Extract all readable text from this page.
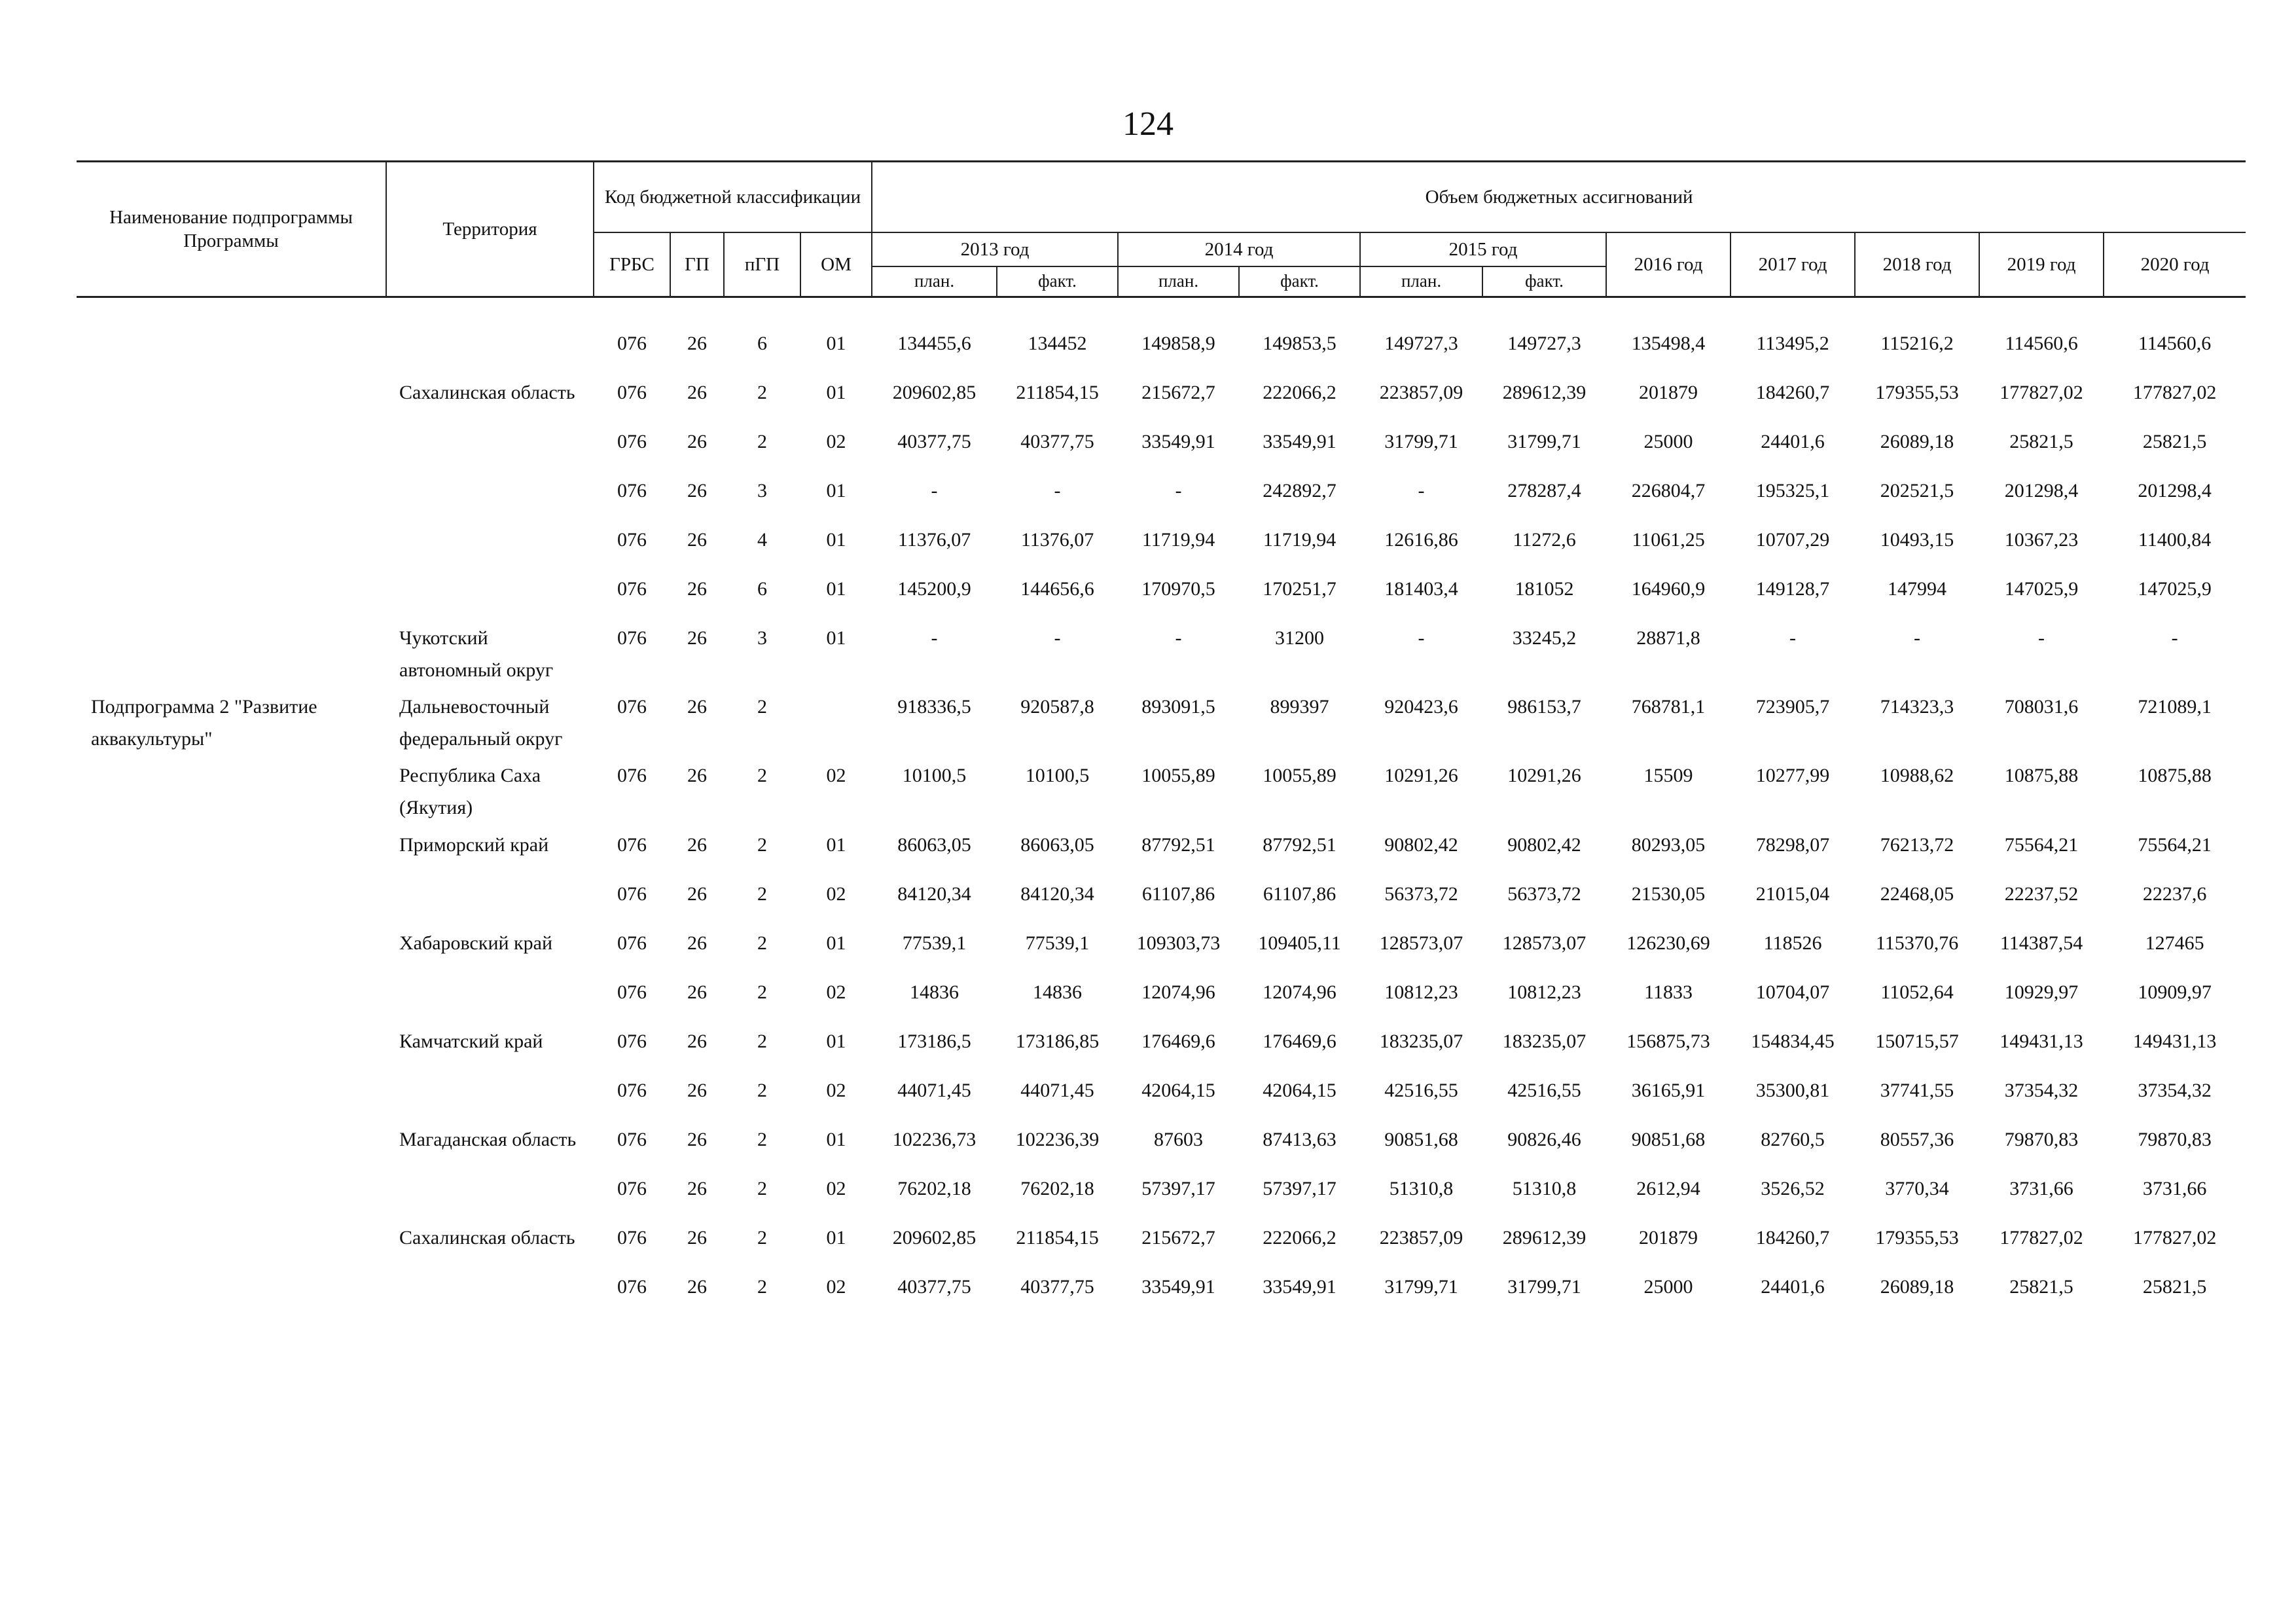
124
Наименование подпрограммы Программы	Территория	Код бюджетной классификации				Объем бюджетных ассигнований										
		ГРБС	ГП	пГП	ОМ	2013 год		2014 год		2015 год		2016 год	2017 год	2018 год	2019 год	2020 год
						план.	факт.	план.	факт.	план.	факт.					

		076	26	6	01	134455,6	134452	149858,9	149853,5	149727,3	149727,3	135498,4	113495,2	115216,2	114560,6	114560,6
	Сахалинская область	076	26	2	01	209602,85	211854,15	215672,7	222066,2	223857,09	289612,39	201879	184260,7	179355,53	177827,02	177827,02
		076	26	2	02	40377,75	40377,75	33549,91	33549,91	31799,71	31799,71	25000	24401,6	26089,18	25821,5	25821,5
		076	26	3	01	-	-	-	242892,7	-	278287,4	226804,7	195325,1	202521,5	201298,4	201298,4
		076	26	4	01	11376,07	11376,07	11719,94	11719,94	12616,86	11272,6	11061,25	10707,29	10493,15	10367,23	11400,84
		076	26	6	01	145200,9	144656,6	170970,5	170251,7	181403,4	181052	164960,9	149128,7	147994	147025,9	147025,9
	Чукотский автономный округ	076	26	3	01	-	-	-	31200	-	33245,2	28871,8	-	-	-	-
Подпрограмма 2 "Развитие аквакультуры"	Дальневосточный федеральный округ	076	26	2		918336,5	920587,8	893091,5	899397	920423,6	986153,7	768781,1	723905,7	714323,3	708031,6	721089,1
	Республика Саха (Якутия)	076	26	2	02	10100,5	10100,5	10055,89	10055,89	10291,26	10291,26	15509	10277,99	10988,62	10875,88	10875,88
	Приморский край	076	26	2	01	86063,05	86063,05	87792,51	87792,51	90802,42	90802,42	80293,05	78298,07	76213,72	75564,21	75564,21
		076	26	2	02	84120,34	84120,34	61107,86	61107,86	56373,72	56373,72	21530,05	21015,04	22468,05	22237,52	22237,6
	Хабаровский край	076	26	2	01	77539,1	77539,1	109303,73	109405,11	128573,07	128573,07	126230,69	118526	115370,76	114387,54	127465
		076	26	2	02	14836	14836	12074,96	12074,96	10812,23	10812,23	11833	10704,07	11052,64	10929,97	10909,97
	Камчатский край	076	26	2	01	173186,5	173186,85	176469,6	176469,6	183235,07	183235,07	156875,73	154834,45	150715,57	149431,13	149431,13
		076	26	2	02	44071,45	44071,45	42064,15	42064,15	42516,55	42516,55	36165,91	35300,81	37741,55	37354,32	37354,32
	Магаданская область	076	26	2	01	102236,73	102236,39	87603	87413,63	90851,68	90826,46	90851,68	82760,5	80557,36	79870,83	79870,83
		076	26	2	02	76202,18	76202,18	57397,17	57397,17	51310,8	51310,8	2612,94	3526,52	3770,34	3731,66	3731,66
	Сахалинская область	076	26	2	01	209602,85	211854,15	215672,7	222066,2	223857,09	289612,39	201879	184260,7	179355,53	177827,02	177827,02
		076	26	2	02	40377,75	40377,75	33549,91	33549,91	31799,71	31799,71	25000	24401,6	26089,18	25821,5	25821,5
